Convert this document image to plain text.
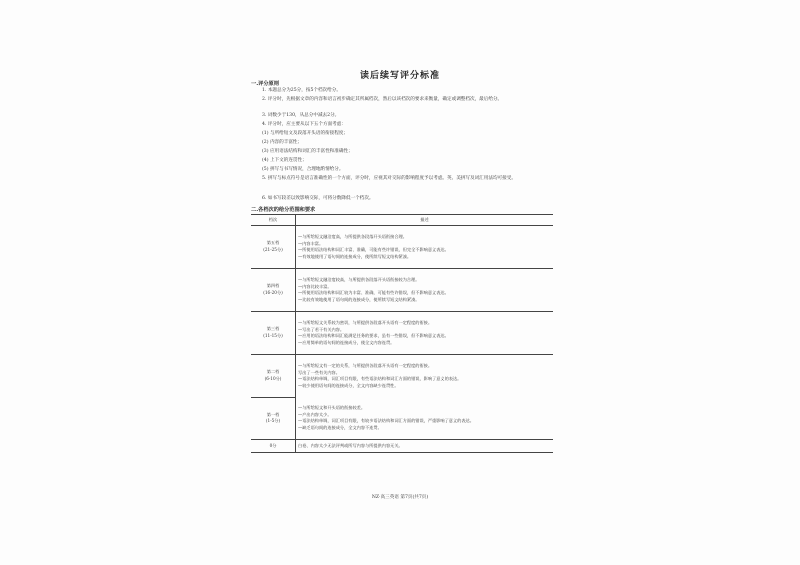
读后续写评分标准
一.评分原则
1. 本题总分为25分，按5个档次给分。
2. 评分时，先根据文章的内容和语言初步确定其所属档次，然后以该档次的要求来衡量，确定或调整档次，最后给分。
3. 词数少于130，从总分中减去2分。
4. 评分时，应主要从以下五个方面考虑：
(1) 与所给短文及段落开头语的衔接程度；
(2) 内容的丰富性；
(3) 应用语法结构和词汇的丰富性和准确性；
(4) 上下文的连贯性；
(5) 拼写与书写情况，合理地酌情给分。
5. 拼写与标点符号是语言准确性的一个方面，评分时，应视其对交际的影响程度予以考虑。英、美拼写及词汇用法均可接受。
6. 如书写较差以致影响交际，可将分数降低一个档次。
二.各档次的给分范围和要求
档次	描述
第五档
(21-25分)	—与所给短文融洽度高，与所提供各段落开头语衔接合理。
—内容丰富。
—所使用语法结构和词汇丰富、准确，可能有些许错误，但完全不影响意义表达。
—有效地使用了语句间的连接成分，使所续写短文结构紧凑。
第四档
(16-20分)	—与所给短文融洽度较高，与所提供各段落开头语衔接较为合理。
—内容比较丰富。
—所使用语法结构和词汇较为丰富、准确，可能有些许错误，但不影响意义表达。
—比较有效地使用了语句间的连接成分，使所续写短文结构紧凑。
第三档
(11-15分)	—与所给短文关系较为密切，与所提供各段落开头语有一定程度的衔接。
—写出了若干有关内容。
—应用的语法结构和词汇能满足任务的要求，虽有一些错误，但不影响意义表达。
—应用简单的语句间的连接成分，使全文内容连贯。
第二档
(6-10分)	—与所给短文有一定的关系，与所提供各段落开头语有一定程度的衔接。
写出了一些有关内容。
—语法结构单调，词汇项目有限，有些语法结构和词汇方面的错误，影响了意义的表达。
—较少使用语句间的连接成分，全文内容缺少连贯性。
第一档
(1-5分)	—与所给短文和开头语的衔接较差。
—产出内容太少。
—语法结构单调，词汇项目有限，有较多语法结构和词汇方面的错误，严重影响了意义的表达。
—缺乏语句间的连接成分，全文内容不连贯。
0分	白卷、内容太少无法评判或所写内容与所提供内容无关。
NZ·高三英语 第7页(共7页)
